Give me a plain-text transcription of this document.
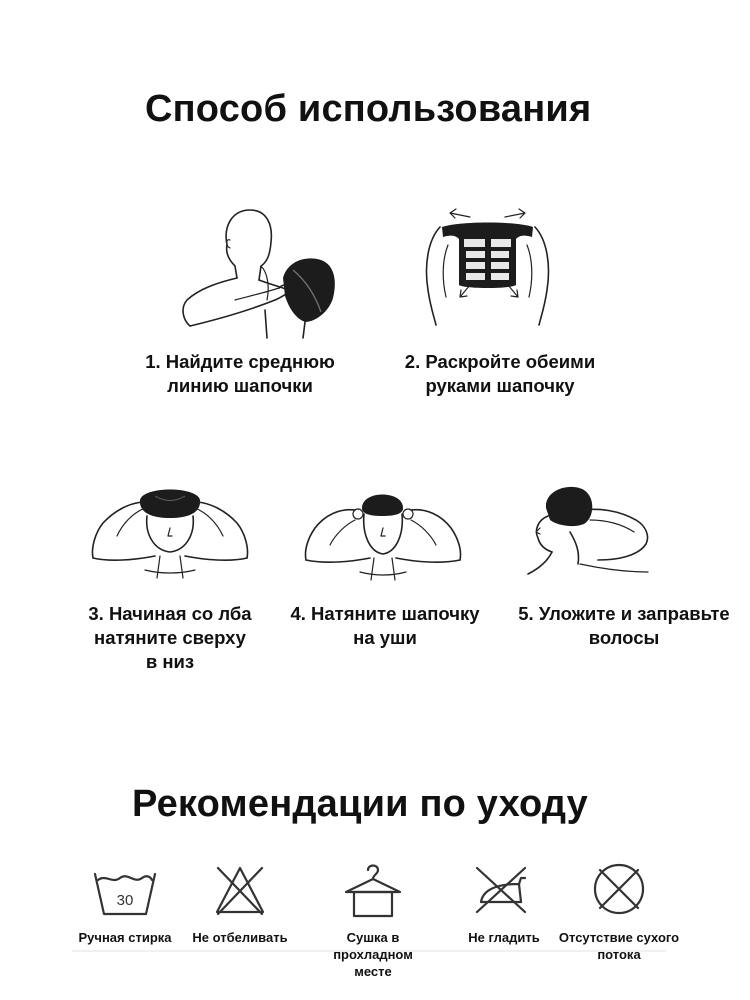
Способ использования
1. Найдите среднюю
линию шапочки
2. Раскройте обеими
руками шапочку
3. Начиная со лба
натяните сверху
в низ
4. Натяните шапочку
на уши
5. Уложите и заправьте
волосы
Рекомендации по уходу
30
Ручная стирка	Не отбеливать	Сушка в
прохладном
месте
Не гладить	Отсутствие сухого
потока
